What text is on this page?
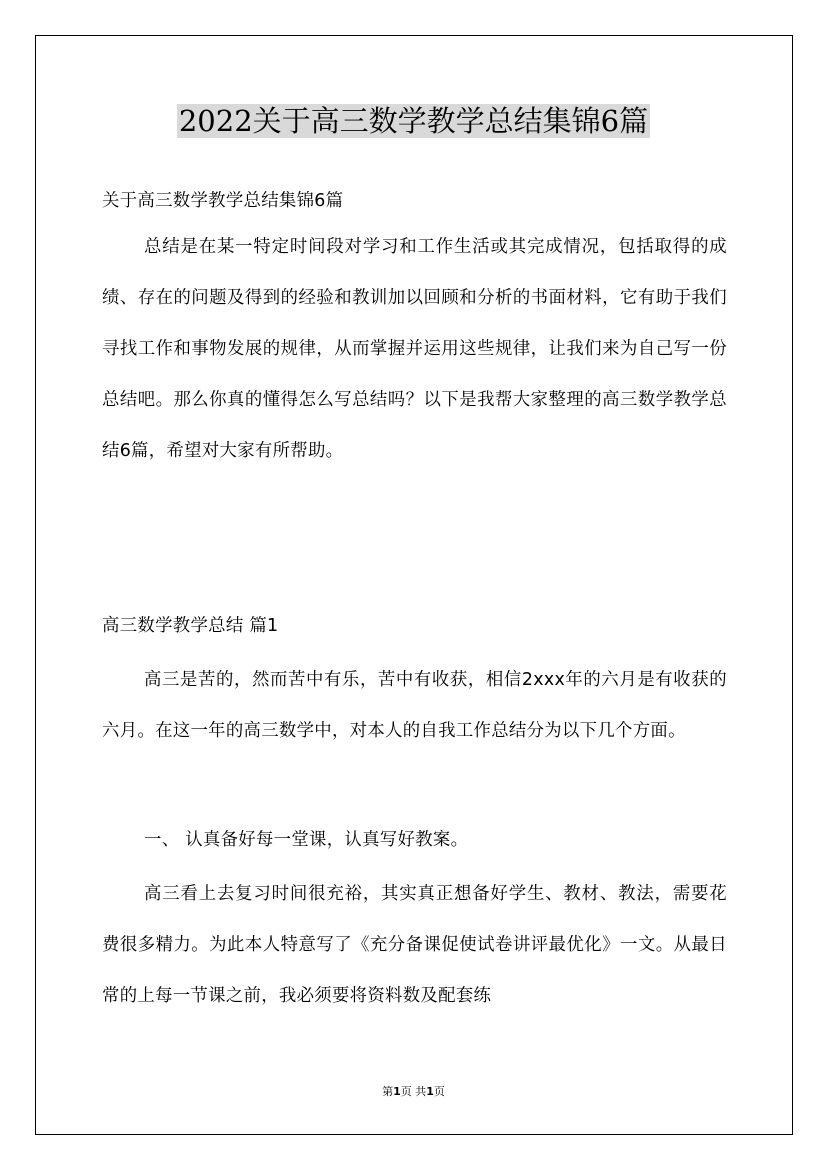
2022关于高三数学教学总结集锦6篇

关于高三数学教学总结集锦6篇

总结是在某一特定时间段对学习和工作生活或其完成情况，包括取得的成绩、存在的问题及得到的经验和教训加以回顾和分析的书面材料，它有助于我们寻找工作和事物发展的规律，从而掌握并运用这些规律，让我们来为自己写一份总结吧。那么你真的懂得怎么写总结吗？以下是我帮大家整理的高三数学教学总结6篇，希望对大家有所帮助。

高三数学教学总结 篇1

高三是苦的，然而苦中有乐，苦中有收获，相信2xxx年的六月是有收获的六月。在这一年的高三数学中，对本人的自我工作总结分为以下几个方面。

一、 认真备好每一堂课，认真写好教案。

高三看上去复习时间很充裕，其实真正想备好学生、教材、教法，需要花费很多精力。为此本人特意写了《充分备课促使试卷讲评最优化》一文。从最日常的上每一节课之前，我必须要将资料数及配套练

第1页 共1页
